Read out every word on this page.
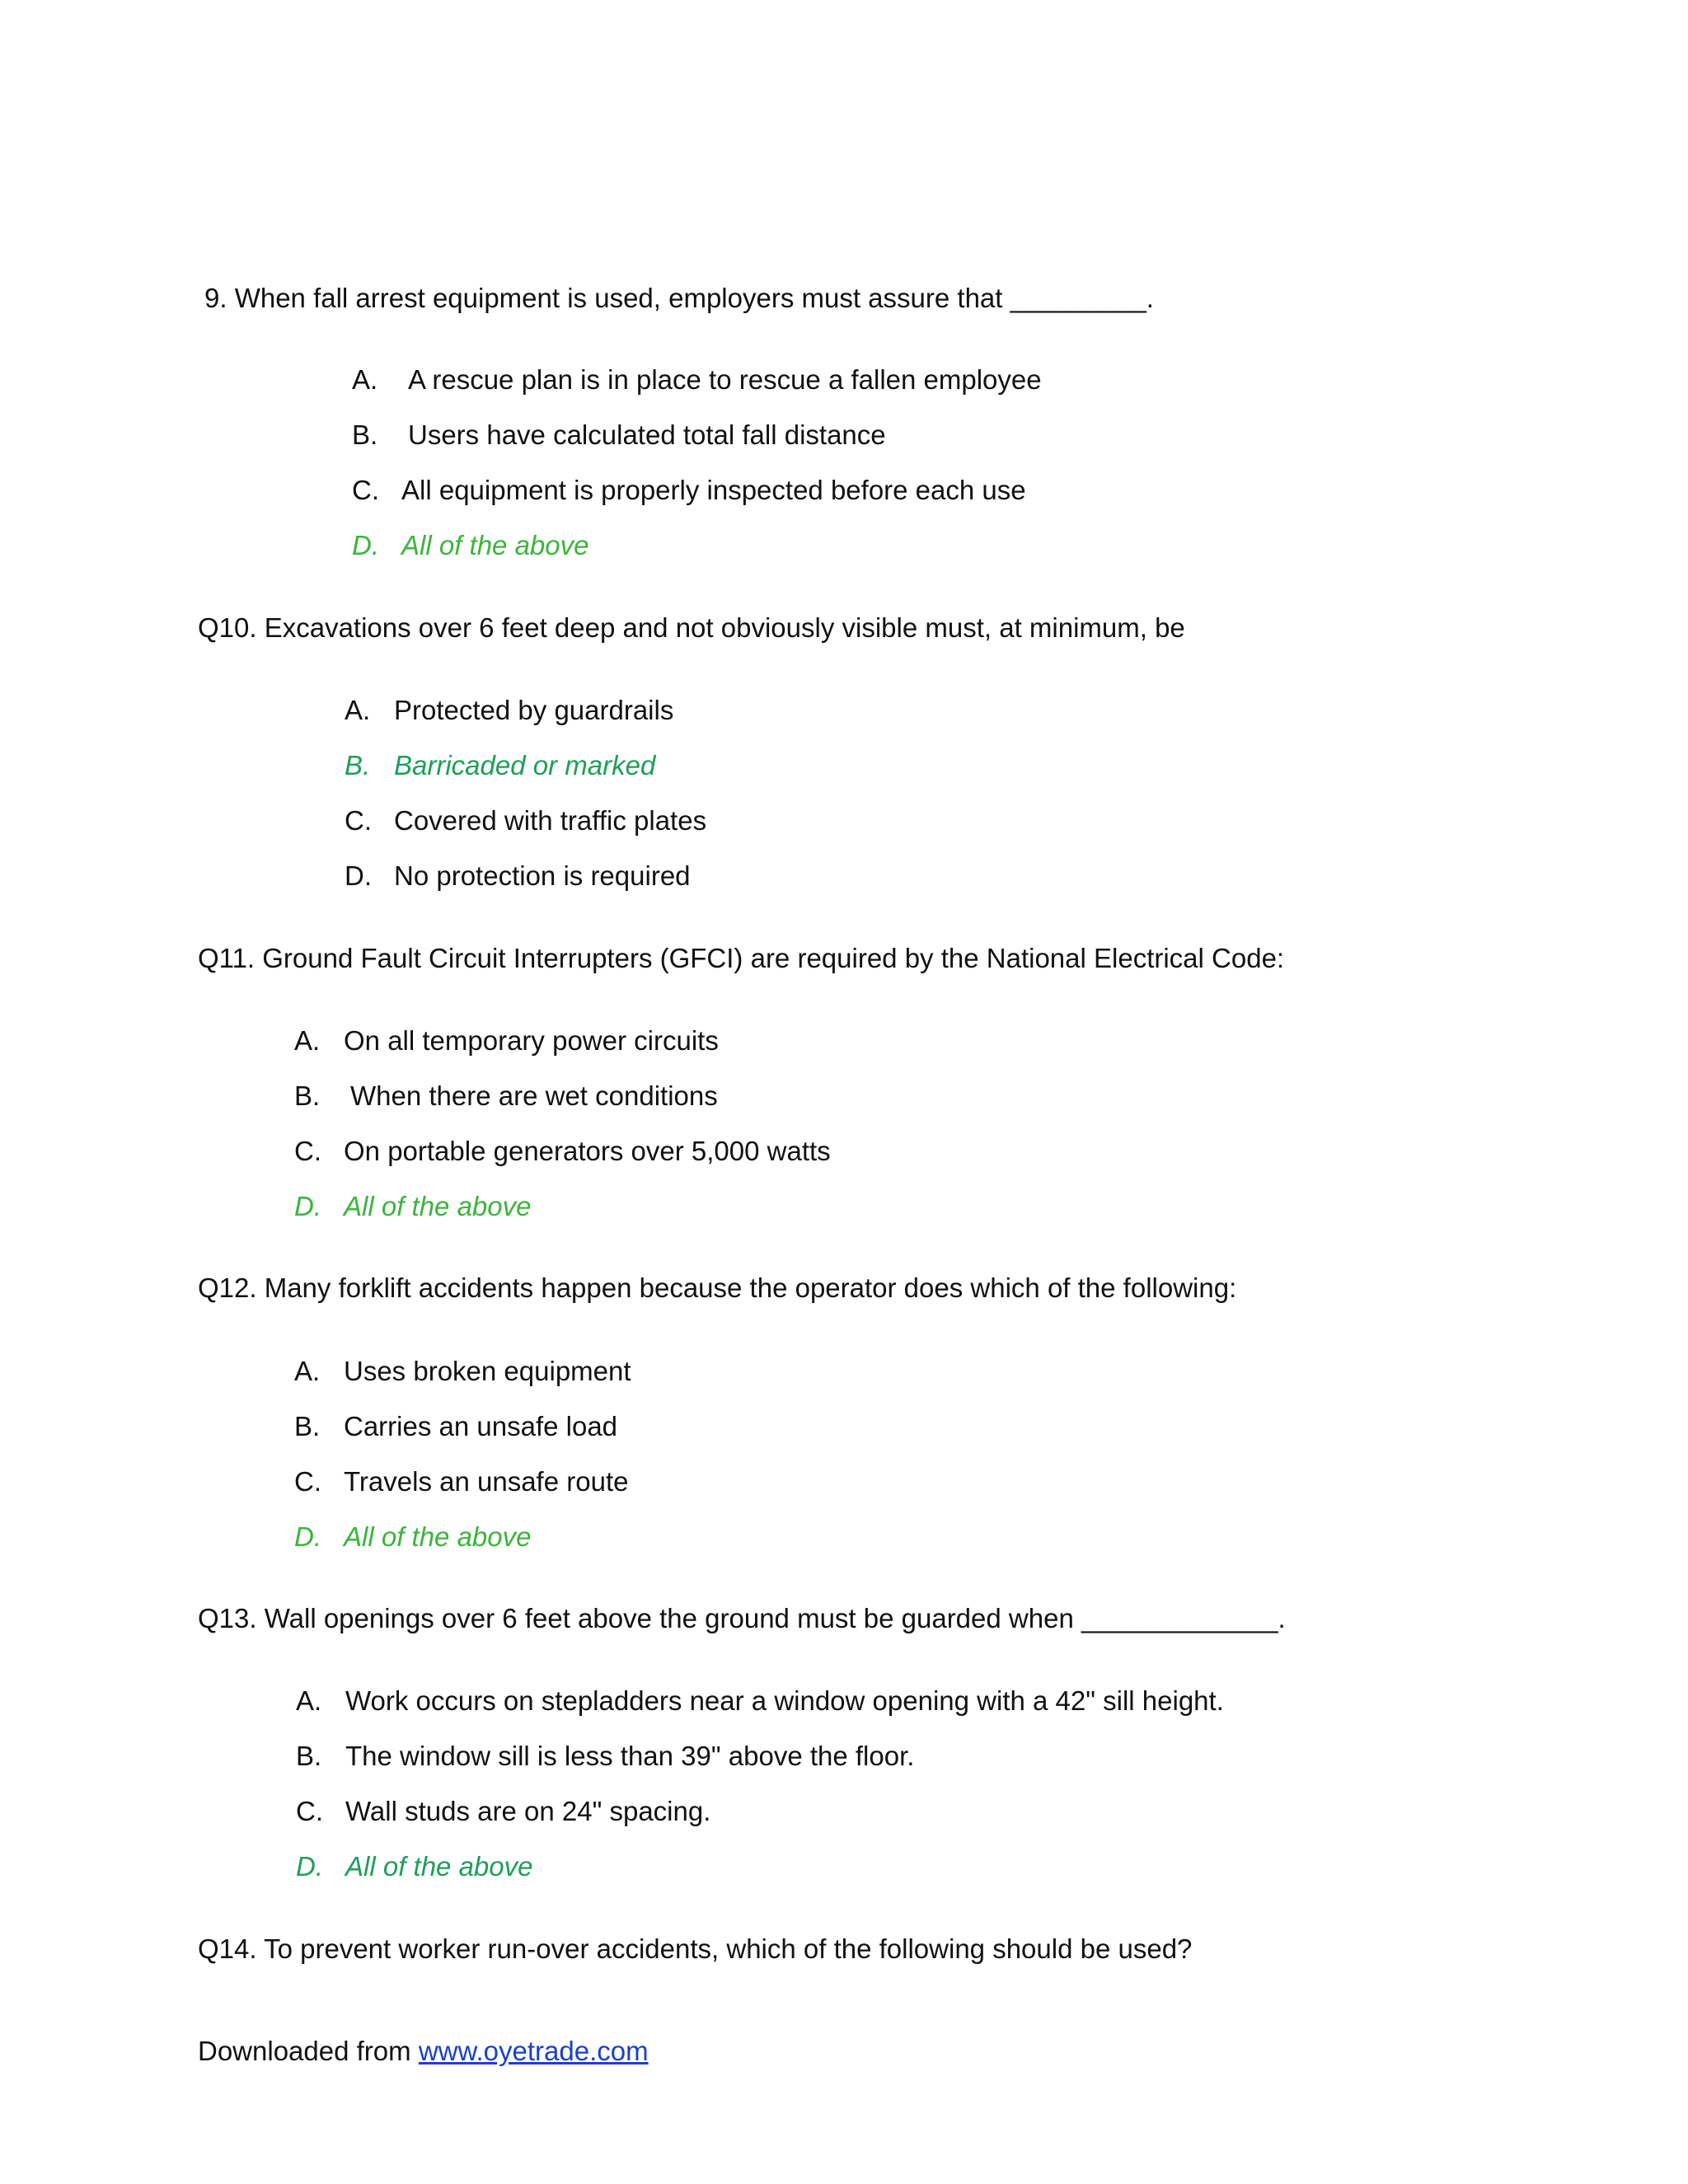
9. When fall arrest equipment is used, employers must assure that _________.
A. A rescue plan is in place to rescue a fallen employee
B. Users have calculated total fall distance
C. All equipment is properly inspected before each use
D. All of the above
Q10. Excavations over 6 feet deep and not obviously visible must, at minimum, be
A. Protected by guardrails
B. Barricaded or marked
C. Covered with traffic plates
D. No protection is required
Q11. Ground Fault Circuit Interrupters (GFCI) are required by the National Electrical Code:
A. On all temporary power circuits
B. When there are wet conditions
C. On portable generators over 5,000 watts
D. All of the above
Q12. Many forklift accidents happen because the operator does which of the following:
A. Uses broken equipment
B. Carries an unsafe load
C. Travels an unsafe route
D. All of the above
Q13. Wall openings over 6 feet above the ground must be guarded when _____________.
A. Work occurs on stepladders near a window opening with a 42" sill height.
B. The window sill is less than 39" above the floor.
C. Wall studs are on 24" spacing.
D. All of the above
Q14. To prevent worker run-over accidents, which of the following should be used?
Downloaded from www.oyetrade.com
